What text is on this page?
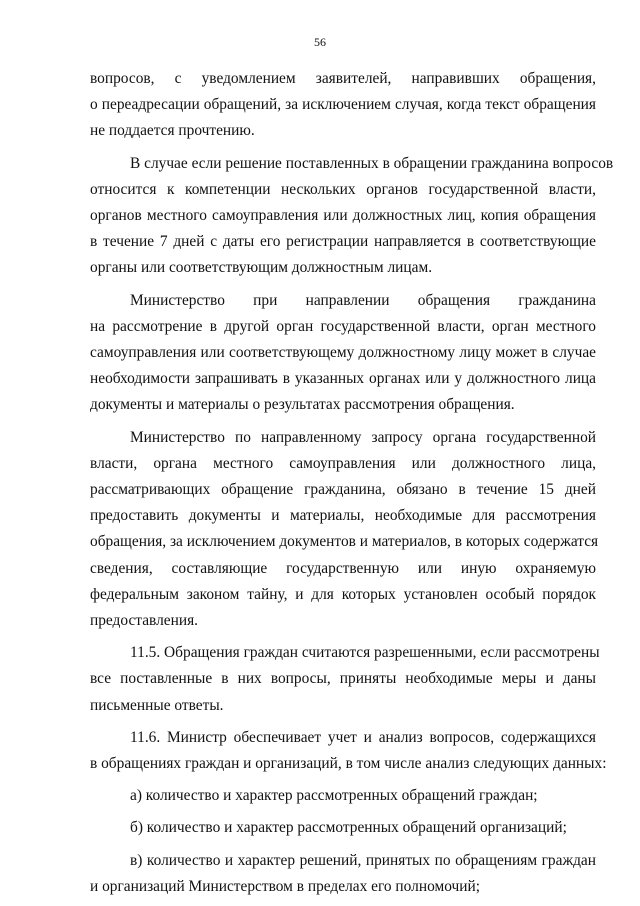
56
вопросов, с уведомлением заявителей, направивших обращения,
о переадресации обращений, за исключением случая, когда текст обращения
не поддается прочтению.
В случае если решение поставленных в обращении гражданина вопросов
относится к компетенции нескольких органов государственной власти,
органов местного самоуправления или должностных лиц, копия обращения
в течение 7 дней с даты его регистрации направляется в соответствующие
органы или соответствующим должностным лицам.
Министерство при направлении обращения гражданина
на рассмотрение в другой орган государственной власти, орган местного
самоуправления или соответствующему должностному лицу может в случае
необходимости запрашивать в указанных органах или у должностного лица
документы и материалы о результатах рассмотрения обращения.
Министерство по направленному запросу органа государственной
власти, органа местного самоуправления или должностного лица,
рассматривающих обращение гражданина, обязано в течение 15 дней
предоставить документы и материалы, необходимые для рассмотрения
обращения, за исключением документов и материалов, в которых содержатся
сведения, составляющие государственную или иную охраняемую
федеральным законом тайну, и для которых установлен особый порядок
предоставления.
11.5. Обращения граждан считаются разрешенными, если рассмотрены
все поставленные в них вопросы, приняты необходимые меры и даны
письменные ответы.
11.6. Министр обеспечивает учет и анализ вопросов, содержащихся
в обращениях граждан и организаций, в том числе анализ следующих данных:
а) количество и характер рассмотренных обращений граждан;
б) количество и характер рассмотренных обращений организаций;
в) количество и характер решений, принятых по обращениям граждан
и организаций Министерством в пределах его полномочий;
